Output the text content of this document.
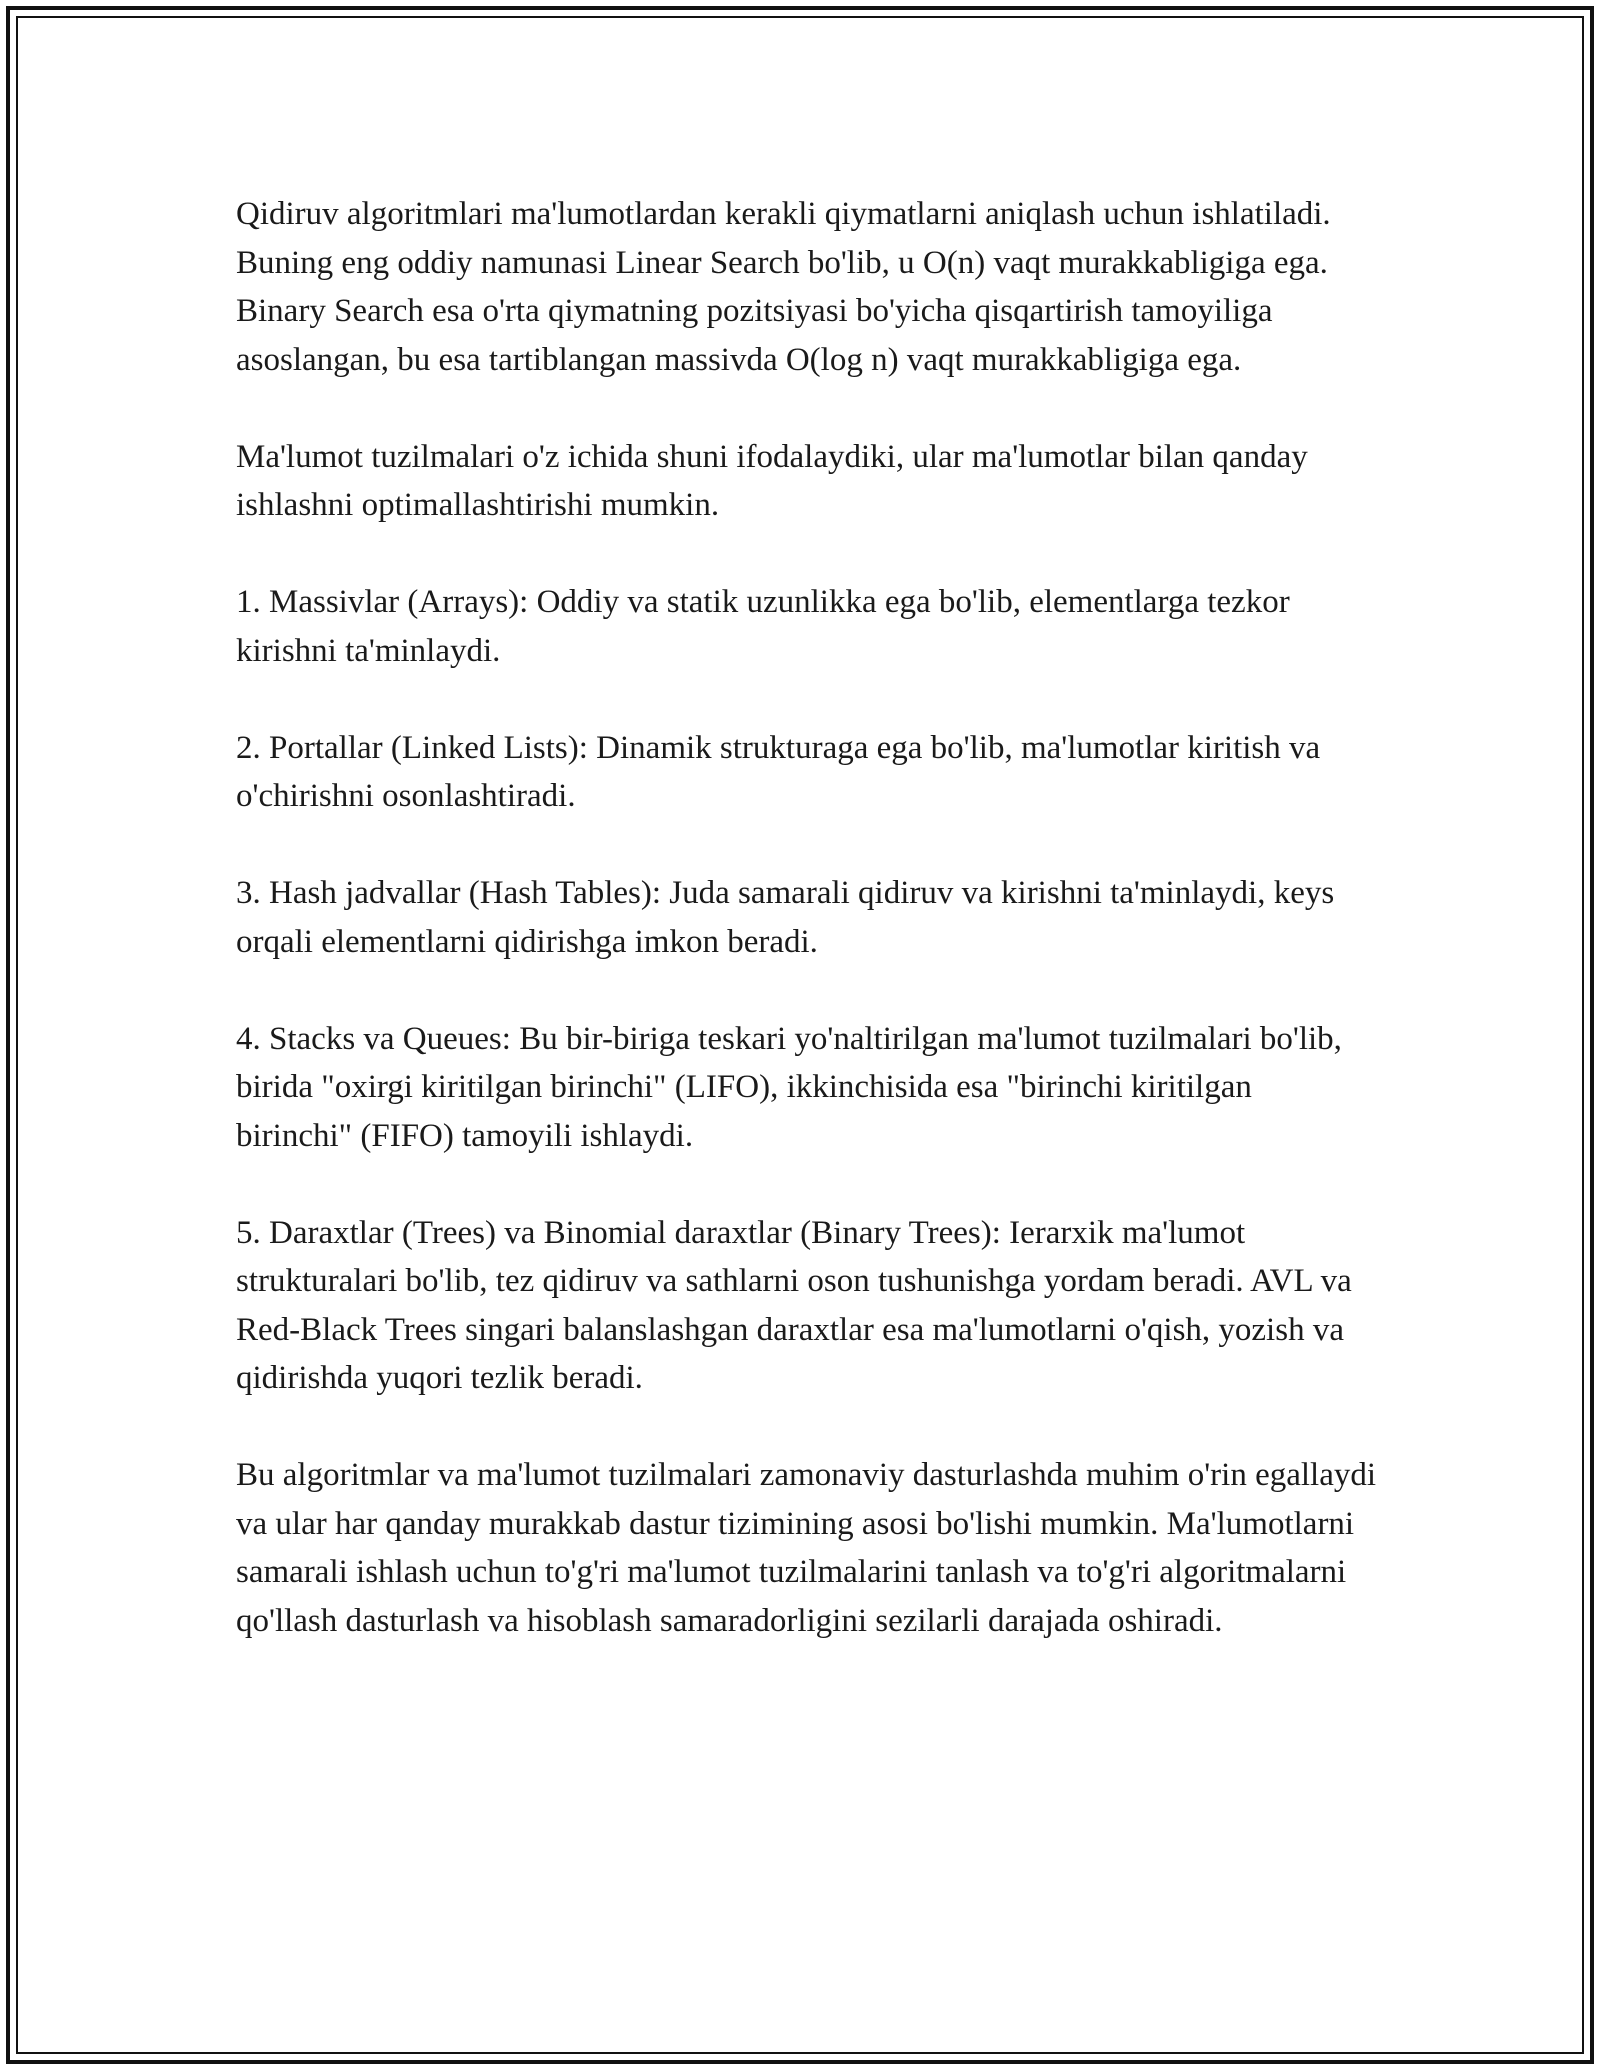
Qidiruv algoritmlari ma'lumotlardan kerakli qiymatlarni aniqlash uchun ishlatiladi. Buning eng oddiy namunasi Linear Search bo'lib, u O(n) vaqt murakkabligiga ega. Binary Search esa o'rta qiymatning pozitsiyasi bo'yicha qisqartirish tamoyiliga asoslangan, bu esa tartiblangan massivda O(log n) vaqt murakkabligiga ega.

Ma'lumot tuzilmalari o'z ichida shuni ifodalaydiki, ular ma'lumotlar bilan qanday ishlashni optimallashtirishi mumkin.

1. Massivlar (Arrays): Oddiy va statik uzunlikka ega bo'lib, elementlarga tezkor kirishni ta'minlaydi.

2. Portallar (Linked Lists): Dinamik strukturaga ega bo'lib, ma'lumotlar kiritish va o'chirishni osonlashtiradi.

3. Hash jadvallar (Hash Tables): Juda samarali qidiruv va kirishni ta'minlaydi, keys orqali elementlarni qidirishga imkon beradi.

4. Stacks va Queues: Bu bir-biriga teskari yo'naltirilgan ma'lumot tuzilmalari bo'lib, birida "oxirgi kiritilgan birinchi" (LIFO), ikkinchisida esa "birinchi kiritilgan birinchi" (FIFO) tamoyili ishlaydi.

5. Daraxtlar (Trees) va Binomial daraxtlar (Binary Trees): Ierarxik ma'lumot strukturalari bo'lib, tez qidiruv va sathlarni oson tushunishga yordam beradi. AVL va Red-Black Trees singari balanslashgan daraxtlar esa ma'lumotlarni o'qish, yozish va qidirishda yuqori tezlik beradi.

Bu algoritmlar va ma'lumot tuzilmalari zamonaviy dasturlashda muhim o'rin egallaydi va ular har qanday murakkab dastur tizimining asosi bo'lishi mumkin. Ma'lumotlarni samarali ishlash uchun to'g'ri ma'lumot tuzilmalarini tanlash va to'g'ri algoritmalarni qo'llash dasturlash va hisoblash samaradorligini sezilarli darajada oshiradi.
